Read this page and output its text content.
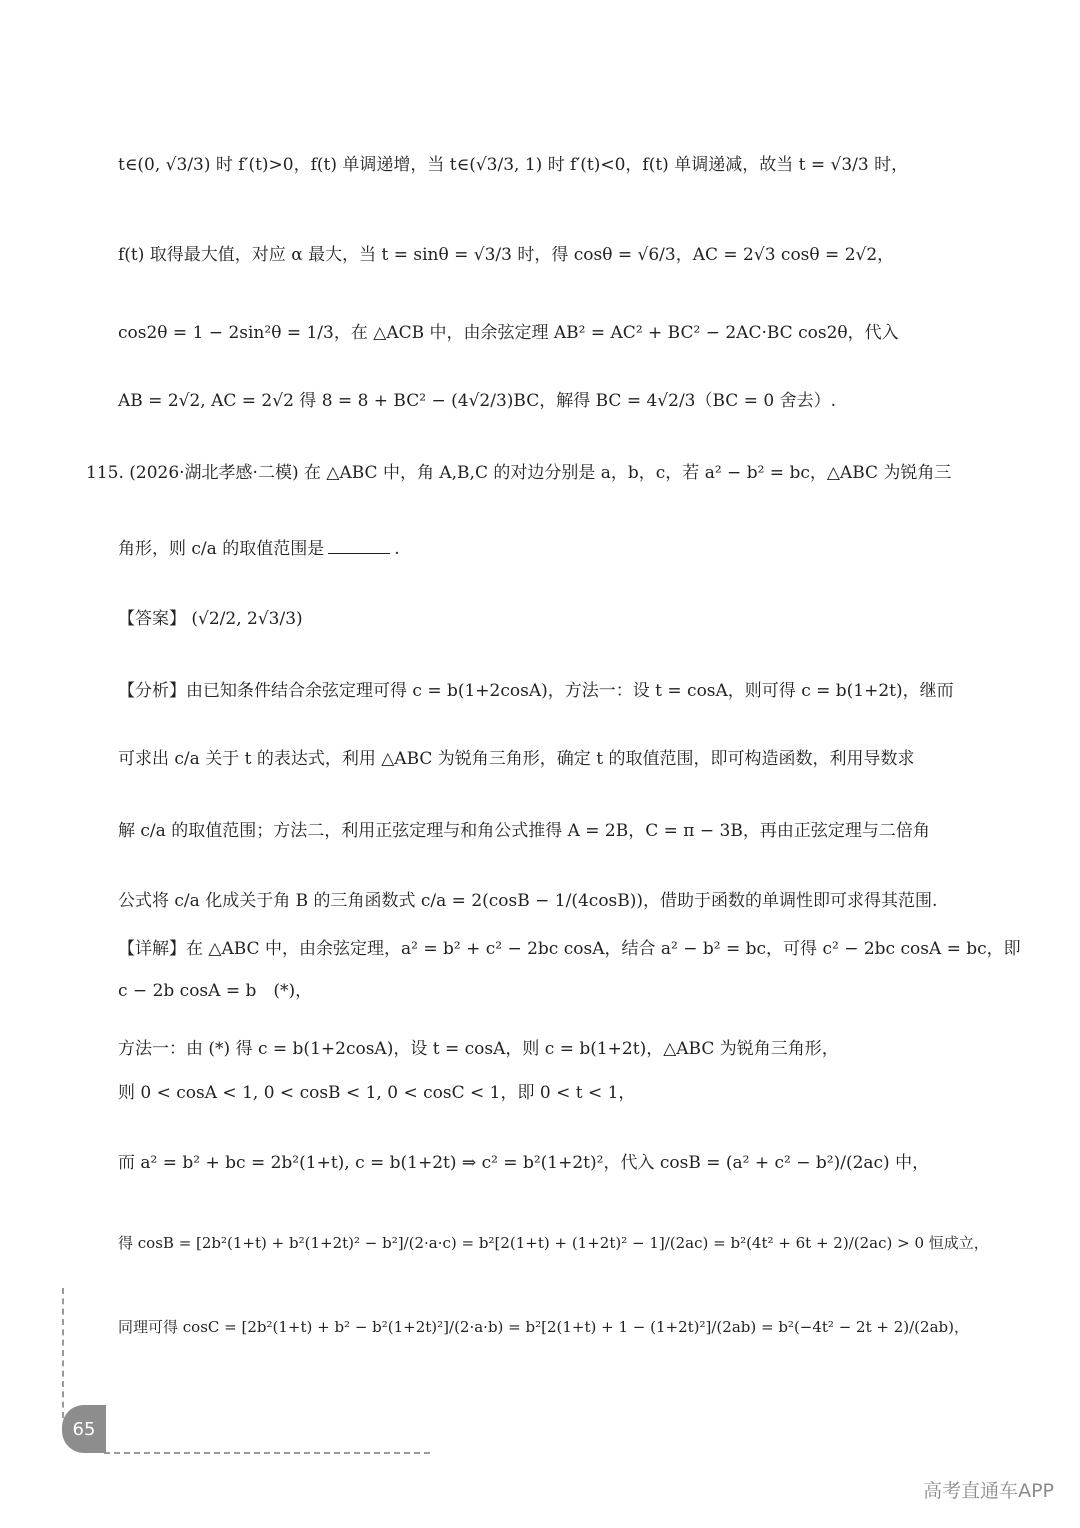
t∈(0, √3/3) 时 f′(t)>0，f(t) 单调递增，当 t∈(√3/3, 1) 时 f′(t)<0，f(t) 单调递减，故当 t = √3/3 时，
f(t) 取得最大值，对应 α 最大，当 t = sinθ = √3/3 时，得 cosθ = √6/3，AC = 2√3 cosθ = 2√2，
cos2θ = 1 − 2sin²θ = 1/3，在 △ACB 中，由余弦定理 AB² = AC² + BC² − 2AC·BC cos2θ，代入
AB = 2√2, AC = 2√2 得 8 = 8 + BC² − (4√2/3)BC，解得 BC = 4√2/3（BC = 0 舍去）.
115. (2026·湖北孝感·二模) 在 △ABC 中，角 A,B,C 的对边分别是 a，b，c，若 a² − b² = bc，△ABC 为锐角三
角形，则 c/a 的取值范围是	.
【答案】 (√2/2, 2√3/3)
【分析】由已知条件结合余弦定理可得 c = b(1+2cosA)，方法一：设 t = cosA，则可得 c = b(1+2t)，继而
可求出 c/a 关于 t 的表达式，利用 △ABC 为锐角三角形，确定 t 的取值范围，即可构造函数，利用导数求
解 c/a 的取值范围；方法二，利用正弦定理与和角公式推得 A = 2B，C = π − 3B，再由正弦定理与二倍角
公式将 c/a 化成关于角 B 的三角函数式 c/a = 2(cosB − 1/(4cosB))，借助于函数的单调性即可求得其范围.
【详解】在 △ABC 中，由余弦定理，a² = b² + c² − 2bc cosA，结合 a² − b² = bc，可得 c² − 2bc cosA = bc，即
c − 2b cosA = b　(*)，
方法一：由 (*) 得 c = b(1+2cosA)，设 t = cosA，则 c = b(1+2t)，△ABC 为锐角三角形，
则 0 < cosA < 1, 0 < cosB < 1, 0 < cosC < 1，即 0 < t < 1，
而 a² = b² + bc = 2b²(1+t), c = b(1+2t) ⇒ c² = b²(1+2t)²，代入 cosB = (a² + c² − b²)/(2ac) 中，
得 cosB = [2b²(1+t) + b²(1+2t)² − b²]/(2·a·c) = b²[2(1+t) + (1+2t)² − 1]/(2ac) = b²(4t² + 6t + 2)/(2ac) > 0 恒成立，
同理可得 cosC = [2b²(1+t) + b² − b²(1+2t)²]/(2·a·b) = b²[2(1+t) + 1 − (1+2t)²]/(2ab) = b²(−4t² − 2t + 2)/(2ab)，
65
高考直通车APP
